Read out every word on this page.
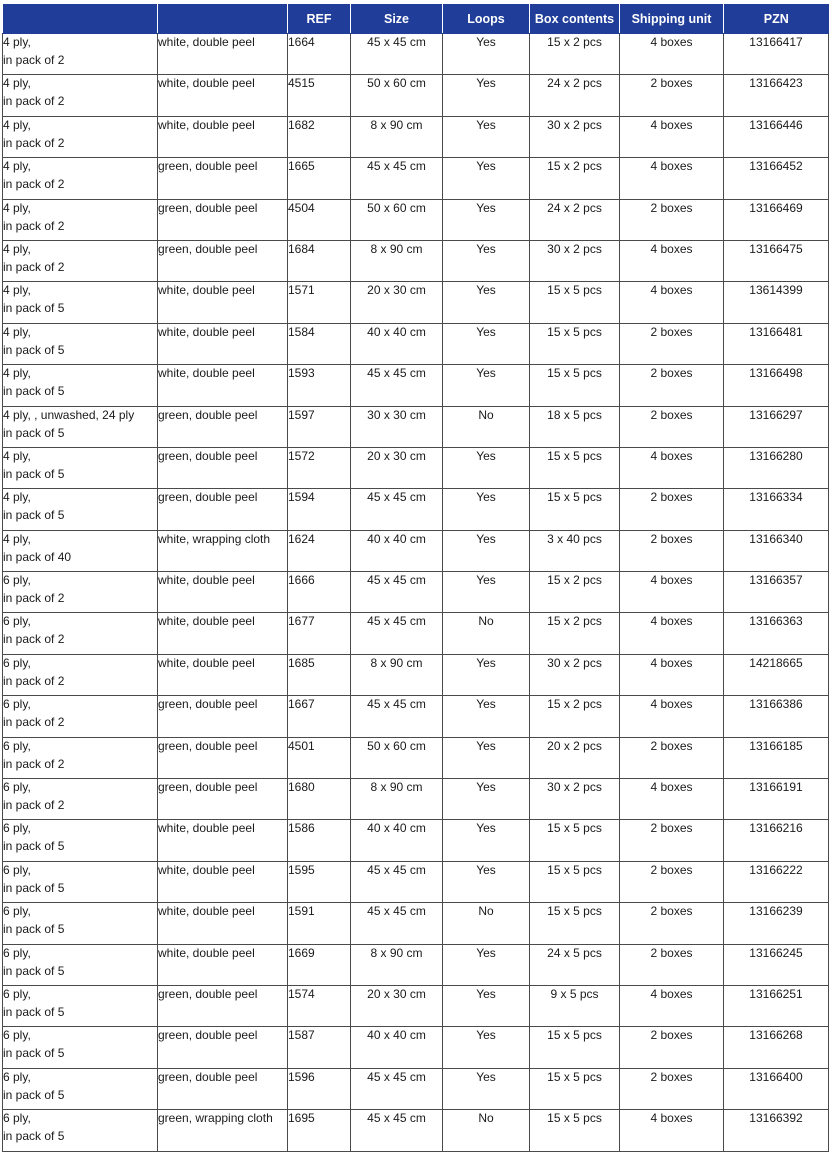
		REF	Size	Loops	Box contents	Shipping unit	PZN

4 ply,
in pack of 2	white, double peel	1664	45 x 45 cm	Yes	15 x 2 pcs	4 boxes	13166417

4 ply,
in pack of 2	white, double peel	4515	50 x 60 cm	Yes	24 x 2 pcs	2 boxes	13166423

4 ply,
in pack of 2	white, double peel	1682	8 x 90 cm	Yes	30 x 2 pcs	4 boxes	13166446

4 ply,
in pack of 2	green, double peel	1665	45 x 45 cm	Yes	15 x 2 pcs	4 boxes	13166452

4 ply,
in pack of 2	green, double peel	4504	50 x 60 cm	Yes	24 x 2 pcs	2 boxes	13166469

4 ply,
in pack of 2	green, double peel	1684	8 x 90 cm	Yes	30 x 2 pcs	4 boxes	13166475

4 ply,
in pack of 5	white, double peel	1571	20 x 30 cm	Yes	15 x 5 pcs	4 boxes	13614399

4 ply,
in pack of 5	white, double peel	1584	40 x 40 cm	Yes	15 x 5 pcs	2 boxes	13166481

4 ply,
in pack of 5	white, double peel	1593	45 x 45 cm	Yes	15 x 5 pcs	2 boxes	13166498

4 ply, , unwashed, 24 ply
in pack of 5	green, double peel	1597	30 x 30 cm	No	18 x 5 pcs	2 boxes	13166297

4 ply,
in pack of 5	green, double peel	1572	20 x 30 cm	Yes	15 x 5 pcs	4 boxes	13166280

4 ply,
in pack of 5	green, double peel	1594	45 x 45 cm	Yes	15 x 5 pcs	2 boxes	13166334

4 ply,
in pack of 40	white, wrapping cloth	1624	40 x 40 cm	Yes	3 x 40 pcs	2 boxes	13166340

6 ply,
in pack of 2	white, double peel	1666	45 x 45 cm	Yes	15 x 2 pcs	4 boxes	13166357

6 ply,
in pack of 2	white, double peel	1677	45 x 45 cm	No	15 x 2 pcs	4 boxes	13166363

6 ply,
in pack of 2	white, double peel	1685	8 x 90 cm	Yes	30 x 2 pcs	4 boxes	14218665

6 ply,
in pack of 2	green, double peel	1667	45 x 45 cm	Yes	15 x 2 pcs	4 boxes	13166386

6 ply,
in pack of 2	green, double peel	4501	50 x 60 cm	Yes	20 x 2 pcs	2 boxes	13166185

6 ply,
in pack of 2	green, double peel	1680	8 x 90 cm	Yes	30 x 2 pcs	4 boxes	13166191

6 ply,
in pack of 5	white, double peel	1586	40 x 40 cm	Yes	15 x 5 pcs	2 boxes	13166216

6 ply,
in pack of 5	white, double peel	1595	45 x 45 cm	Yes	15 x 5 pcs	2 boxes	13166222

6 ply,
in pack of 5	white, double peel	1591	45 x 45 cm	No	15 x 5 pcs	2 boxes	13166239

6 ply,
in pack of 5	white, double peel	1669	8 x 90 cm	Yes	24 x 5 pcs	2 boxes	13166245

6 ply,
in pack of 5	green, double peel	1574	20 x 30 cm	Yes	9 x 5 pcs	4 boxes	13166251

6 ply,
in pack of 5	green, double peel	1587	40 x 40 cm	Yes	15 x 5 pcs	2 boxes	13166268

6 ply,
in pack of 5	green, double peel	1596	45 x 45 cm	Yes	15 x 5 pcs	2 boxes	13166400

6 ply,
in pack of 5	green, wrapping cloth	1695	45 x 45 cm	No	15 x 5 pcs	4 boxes	13166392
